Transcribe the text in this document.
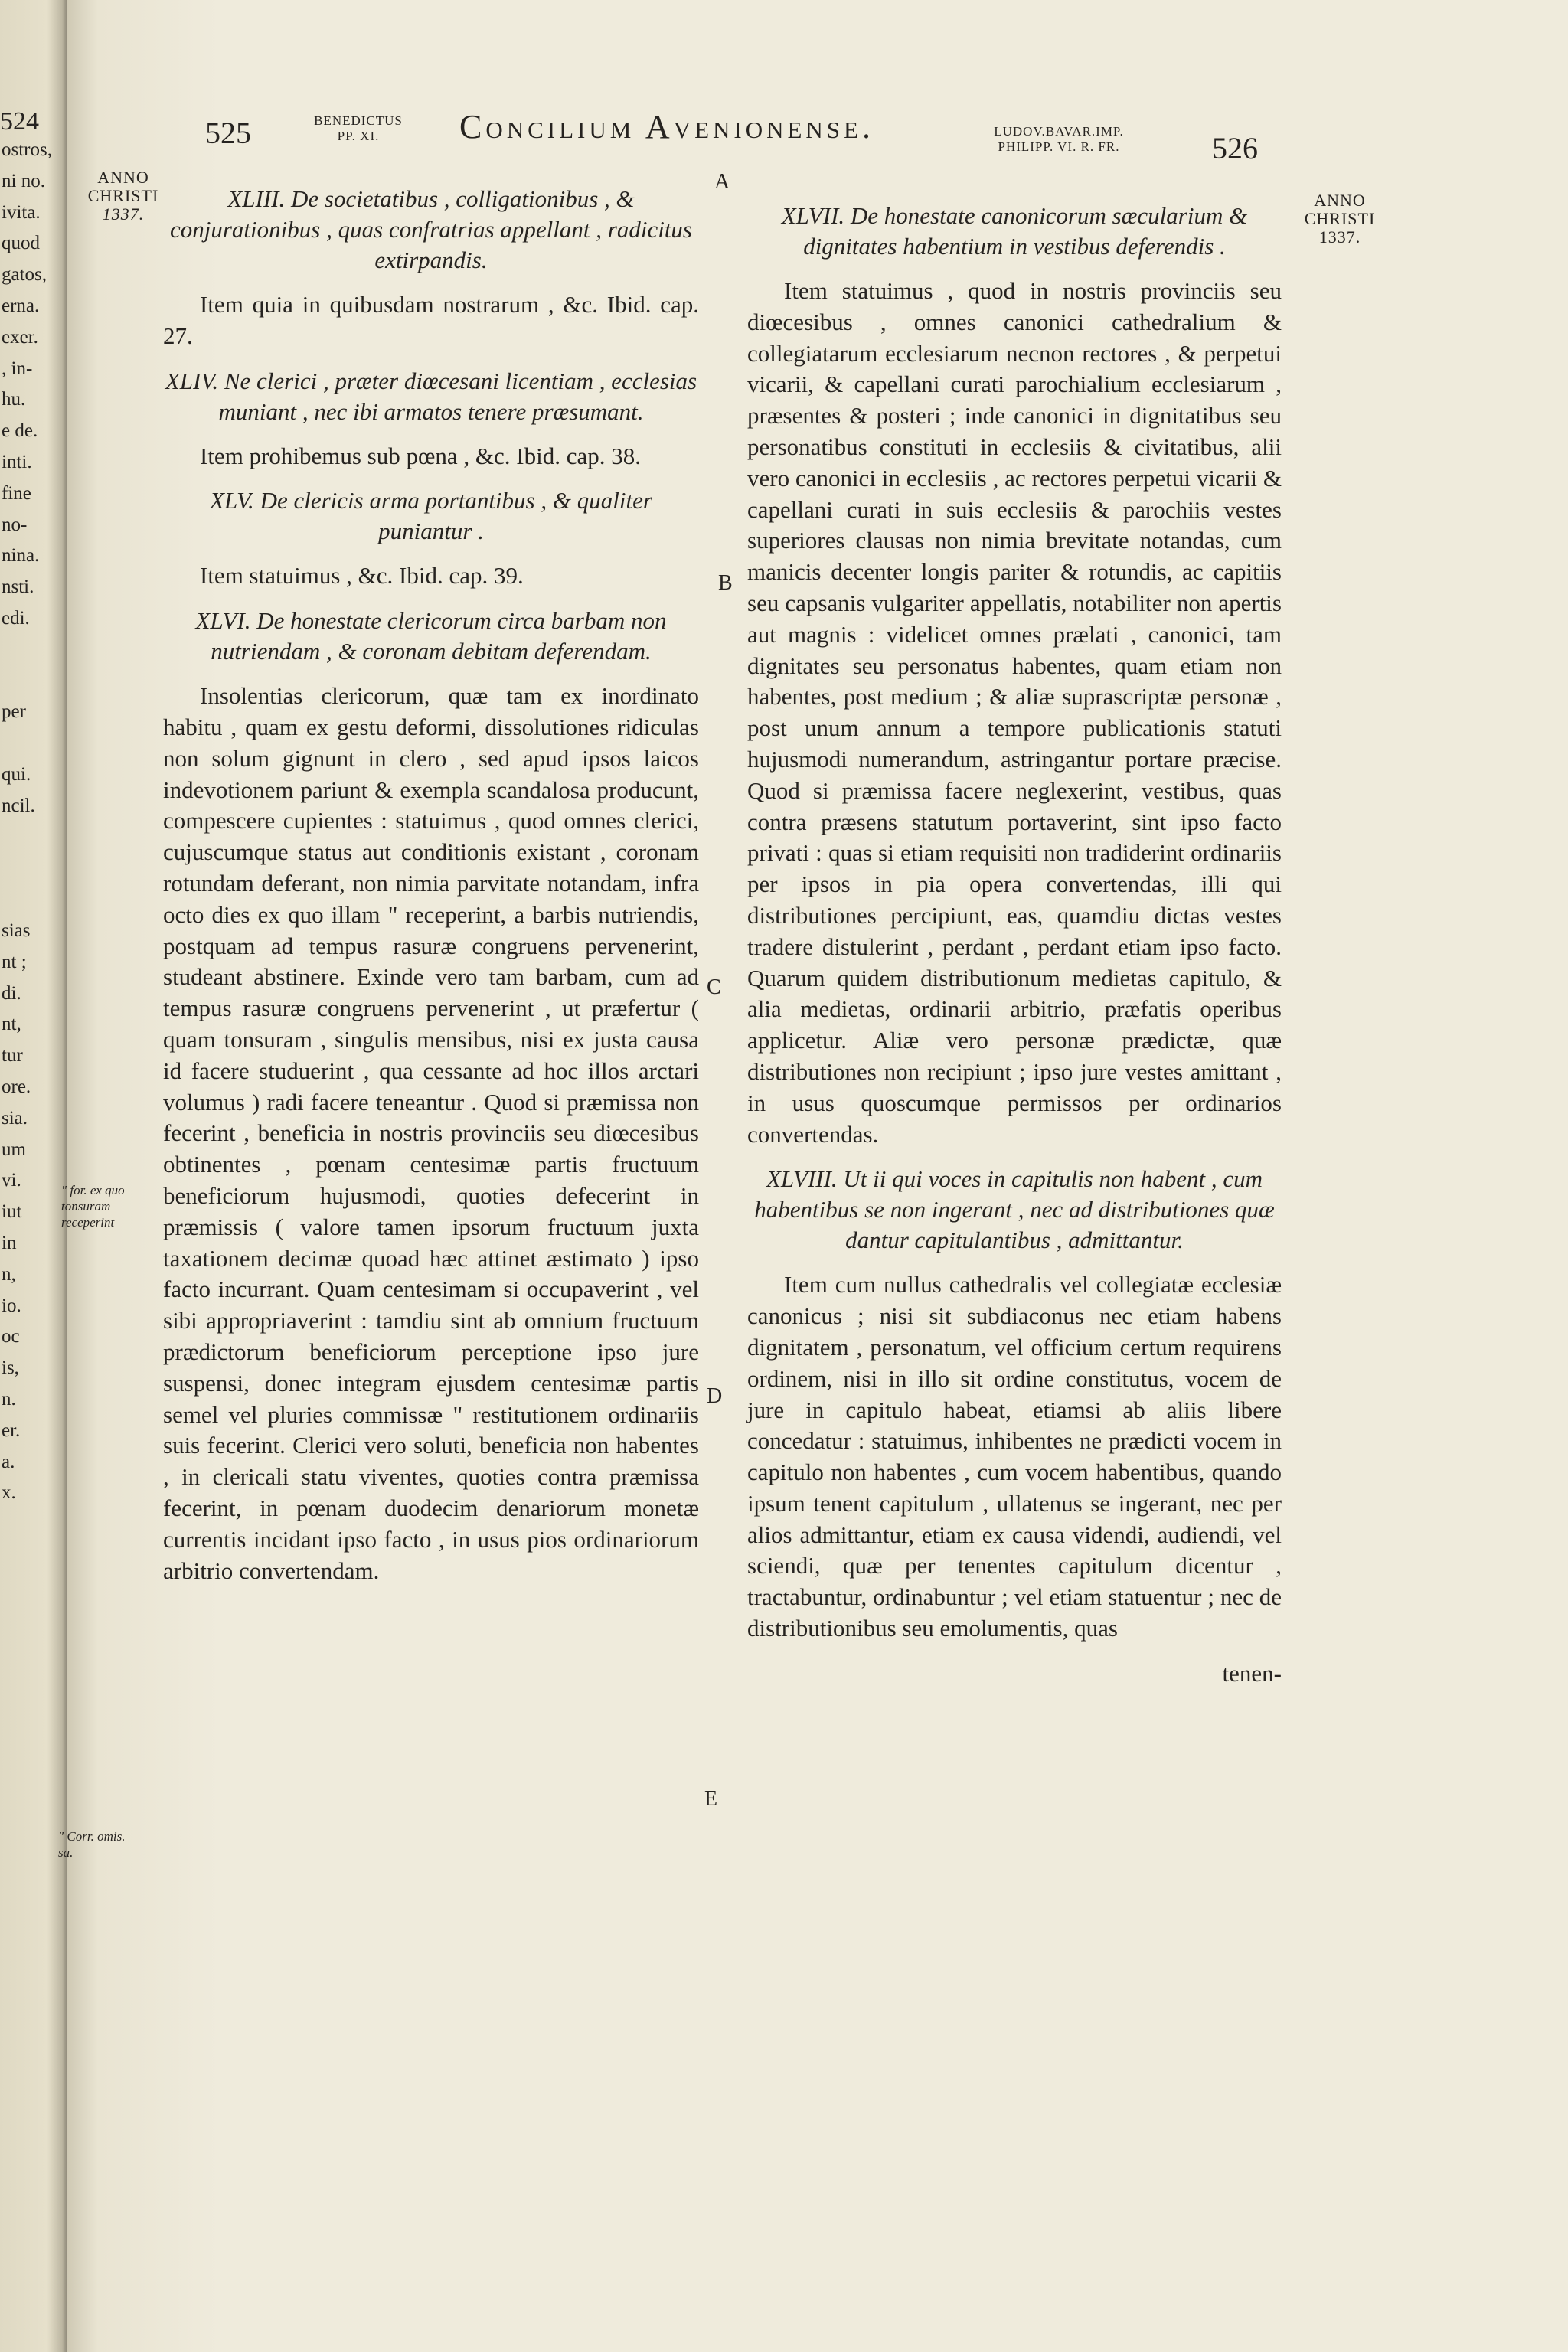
524
ostros,
ni no.
ivita.
quod
gatos,
erna.
exer.
, in-
hu.
e de.
inti.
fine
no-
nina.
nsti.
edi.
per
qui.
ncil.
sias
nt ;
di.
nt,
tur
ore.
sia.
um
vi.
iut
in
n,
io.
oc
is,
n.
er.
a.
x.
525	BENEDICTUS
PP. XI.	Concilium Avenionense.	LUDOV.BAVAR.IMP.
PHILIPP. VI. R. FR.	526
ANNO
CHRISTI
1337.
ANNO
CHRISTI
1337.
A
B
C
D
E
" for. ex quo
tonsuram
receperint
" Corr. omis.
sa.

XLIII. De societatibus , colligationibus , & conjurationibus , quas confratrias appellant , radicitus extirpandis.

Item quia in quibusdam nostrarum , &c. Ibid. cap. 27.

XLIV. Ne clerici , præter diœcesani licentiam , ecclesias muniant , nec ibi armatos tenere præsumant.

Item prohibemus sub pœna , &c. Ibid. cap. 38.

XLV. De clericis arma portantibus , & qualiter puniantur .

Item statuimus , &c. Ibid. cap. 39.

XLVI. De honestate clericorum circa barbam non nutriendam , & coronam debitam deferendam.

Insolentias clericorum, quæ tam ex inordinato habitu , quam ex gestu deformi, dissolutiones ridiculas non solum gignunt in clero , sed apud ipsos laicos indevotionem pariunt & exempla scandalosa producunt, compescere cupientes : statuimus , quod omnes clerici, cujuscumque status aut conditionis existant , coronam rotundam deferant, non nimia parvitate notandam, infra octo dies ex quo illam " receperint, a barbis nutriendis, postquam ad tempus rasuræ congruens pervenerint, studeant abstinere. Exinde vero tam barbam, cum ad tempus rasuræ congruens pervenerint , ut præfertur ( quam tonsuram , singulis mensibus, nisi ex justa causa id facere studuerint , qua cessante ad hoc illos arctari volumus ) radi facere teneantur . Quod si præmissa non fecerint , beneficia in nostris provinciis seu diœcesibus obtinentes , pœnam centesimæ partis fructuum beneficiorum hujusmodi, quoties defecerint in præmissis ( valore tamen ipsorum fructuum juxta taxationem decimæ quoad hæc attinet æstimato ) ipso facto incurrant. Quam centesimam si occupaverint , vel sibi appropriaverint : tamdiu sint ab omnium fructuum prædictorum beneficiorum perceptione ipso jure suspensi, donec integram ejusdem centesimæ partis semel vel pluries commissæ " restitutionem ordinariis suis fecerint. Clerici vero soluti, beneficia non habentes , in clericali statu viventes, quoties contra præmissa fecerint, in pœnam duodecim denariorum monetæ currentis incidant ipso facto , in usus pios ordinariorum arbitrio convertendam.

XLVII. De honestate canonicorum sæcularium & dignitates habentium in vestibus deferendis .

Item statuimus , quod in nostris provinciis seu diœcesibus , omnes canonici cathedralium & collegiatarum ecclesiarum necnon rectores , & perpetui vicarii, & capellani curati parochialium ecclesiarum , præsentes & posteri ; inde canonici in dignitatibus seu personatibus constituti in ecclesiis & civitatibus, alii vero canonici in ecclesiis , ac rectores perpetui vicarii & capellani curati in suis ecclesiis & parochiis vestes superiores clausas non nimia brevitate notandas, cum manicis decenter longis pariter & rotundis, ac capitiis seu capsanis vulgariter appellatis, notabiliter non apertis aut magnis : videlicet omnes prælati , canonici, tam dignitates seu personatus habentes, quam etiam non habentes, post medium ; & aliæ suprascriptæ personæ , post unum annum a tempore publicationis statuti hujusmodi numerandum, astringantur portare præcise. Quod si præmissa facere neglexerint, vestibus, quas contra præsens statutum portaverint, sint ipso facto privati : quas si etiam requisiti non tradiderint ordinariis per ipsos in pia opera convertendas, illi qui distributiones percipiunt, eas, quamdiu dictas vestes tradere distulerint , perdant , perdant etiam ipso facto. Quarum quidem distributionum medietas capitulo, & alia medietas, ordinarii arbitrio, præfatis operibus applicetur. Aliæ vero personæ prædictæ, quæ distributiones non recipiunt ; ipso jure vestes amittant , in usus quoscumque permissos per ordinarios convertendas.

XLVIII. Ut ii qui voces in capitulis non habent , cum habentibus se non ingerant , nec ad distributiones quæ dantur capitulantibus , admittantur.

Item cum nullus cathedralis vel collegiatæ ecclesiæ canonicus ; nisi sit subdiaconus nec etiam habens dignitatem , personatum, vel officium certum requirens ordinem, nisi in illo sit ordine constitutus, vocem de jure in capitulo habeat, etiamsi ab aliis libere concedatur : statuimus, inhibentes ne prædicti vocem in capitulo non habentes , cum vocem habentibus, quando ipsum tenent capitulum , ullatenus se ingerant, nec per alios admittantur, etiam ex causa videndi, audiendi, vel sciendi, quæ per tenentes capitulum dicentur , tractabuntur, ordinabuntur ; vel etiam statuentur ; nec de distributionibus seu emolumentis, quas

tenen-
